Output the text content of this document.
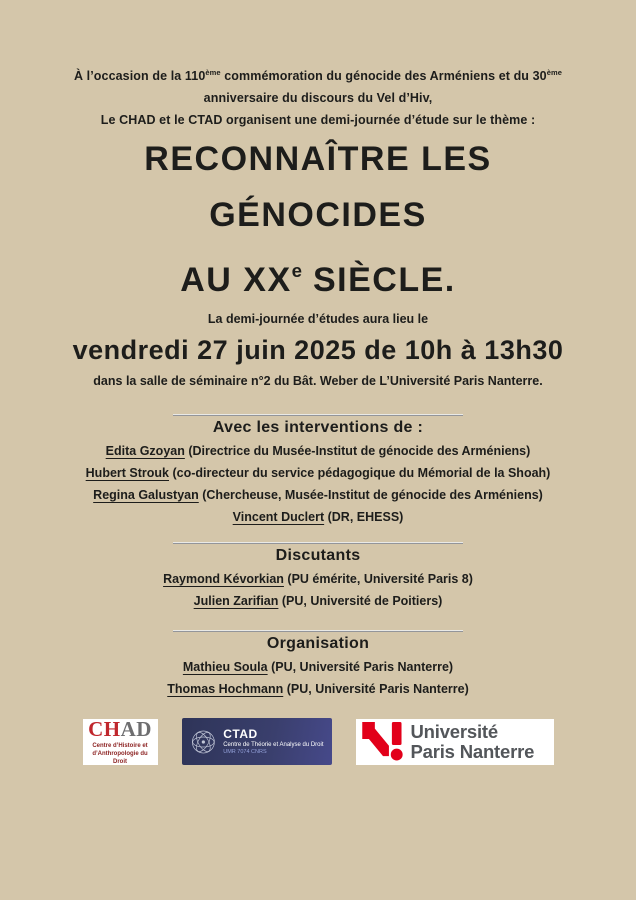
À l’occasion de la 110ème commémoration du génocide des Arméniens et du 30ème
anniversaire du discours du Vel d’Hiv,

Le CHAD et le CTAD organisent une demi-journée d’étude sur le thème :

RECONNAÎTRE LES
GÉNOCIDES
AU XXe SIÈCLE.

La demi-journée d’études aura lieu le

vendredi 27 juin 2025 de 10h à 13h30

dans la salle de séminaire n°2 du Bât. Weber de L’Université Paris Nanterre.

Avec les interventions de :

Edita Gzoyan (Directrice du Musée-Institut de génocide des Arméniens)

Hubert Strouk (co-directeur du service pédagogique du Mémorial de la Shoah)

Regina Galustyan (Chercheuse, Musée-Institut de génocide des Arméniens)

Vincent Duclert (DR, EHESS)

Discutants

Raymond Kévorkian (PU émérite, Université Paris 8)

Julien Zarifian (PU, Université de Poitiers)

Organisation

Mathieu Soula (PU, Université Paris Nanterre)

Thomas Hochmann (PU, Université Paris Nanterre)

CHAD
Centre d’Histoire et
d’Anthropologie du Droit
CTAD
Centre de Théorie et Analyse du Droit
UMR 7074 CNRS
Université
Paris Nanterre
